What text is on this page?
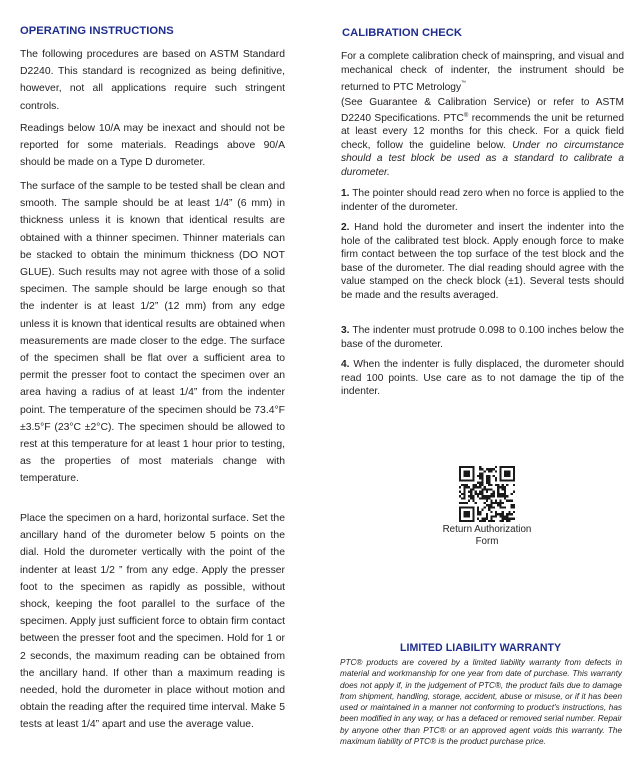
OPERATING INSTRUCTIONS

The following procedures are based on ASTM Standard D2240. This standard is recognized as being definitive, however, not all applications require such stringent controls.

Readings below 10/A may be inexact and should not be reported for some materials. Readings above 90/A should be made on a Type D durometer.

The surface of the sample to be tested shall be clean and smooth. The sample should be at least 1/4” (6 mm) in thickness unless it is known that identical results are obtained with a thinner specimen. Thinner materials can be stacked to obtain the minimum thickness (DO NOT GLUE). Such results may not agree with those of a solid specimen. The sample should be large enough so that the indenter is at least 1/2” (12 mm) from any edge unless it is known that identical results are obtained when measurements are made closer to the edge. The surface of the specimen shall be flat over a sufficient area to permit the presser foot to contact the specimen over an area having a radius of at least 1/4” from the indenter point. The temperature of the specimen should be 73.4°F ±3.5°F (23°C ±2°C). The specimen should be allowed to rest at this temperature for at least 1 hour prior to testing, as the properties of most materials change with temperature.

Place the specimen on a hard, horizontal surface. Set the ancillary hand of the durometer below 5 points on the dial. Hold the durometer vertically with the point of the indenter at least 1/2 ” from any edge. Apply the presser foot to the specimen as rapidly as possible, without shock, keeping the foot parallel to the surface of the specimen. Apply just sufficient force to obtain firm contact between the presser foot and the specimen. Hold for 1 or 2 seconds, the maximum reading can be obtained from the ancillary hand. If other than a maximum reading is needed, hold the durometer in place without motion and obtain the reading after the required time interval. Make 5 tests at least 1/4” apart and use the average value.

CALIBRATION CHECK

For a complete calibration check of mainspring, and visual and mechanical check of indenter, the instrument should be returned to PTC Metrology™

(See Guarantee & Calibration Service) or refer to ASTM D2240 Specifications. PTC® recommends the unit be returned at least every 12 months for this check. For a quick field check, follow the guideline below. Under no circumstance should a test block be used as a standard to calibrate a durometer.

1. The pointer should read zero when no force is applied to the indenter of the durometer.

2. Hand hold the durometer and insert the indenter into the hole of the calibrated test block. Apply enough force to make firm contact between the top surface of the test block and the base of the durometer. The dial reading should agree with the value stamped on the check block (±1). Several tests should be made and the results averaged.

3. The indenter must protrude 0.098 to 0.100 inches below the base of the durometer.

4. When the indenter is fully displaced, the durometer should read 100 points. Use care as to not damage the tip of the indenter.

Return Authorization
Form
LIMITED LIABILITY WARRANTY

PTC® products are covered by a limited liability warranty from defects in material and workmanship for one year from date of purchase. This warranty does not apply if, in the judgement of PTC®, the product fails due to damage from shipment, handling, storage, accident, abuse or misuse, or if it has been used or maintained in a manner not conforming to product's instructions, has been modified in any way, or has a defaced or removed serial number. Repair by anyone other than PTC® or an approved agent voids this warranty. The maximum liability of PTC® is the product purchase price.
